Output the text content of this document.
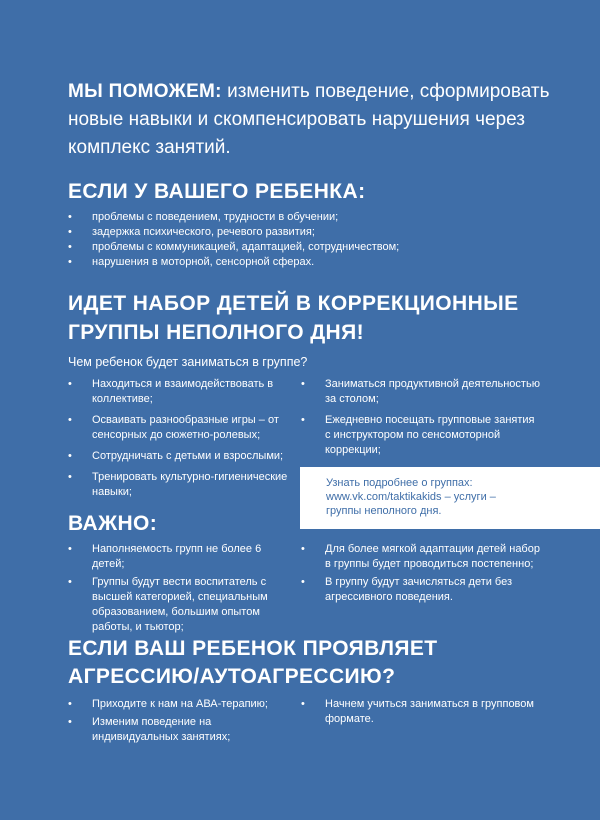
МЫ ПОМОЖЕМ: изменить поведение, сформировать новые навыки и скомпенсировать нарушения через комплекс занятий.
ЕСЛИ У ВАШЕГО РЕБЕНКА:
• проблемы с поведением, трудности в обучении;
• задержка психического, речевого развития;
• проблемы с коммуникацией, адаптацией, сотрудничеством;
• нарушения в моторной, сенсорной сферах.
ИДЕТ НАБОР ДЕТЕЙ В КОРРЕКЦИОННЫЕ
ГРУППЫ НЕПОЛНОГО ДНЯ!
Чем ребенок будет заниматься в группе?
• Находиться и взаимодействовать в коллективе;
• Осваивать разнообразные игры – от сенсорных до сюжетно-ролевых;
• Сотрудничать с детьми и взрослыми;
• Тренировать культурно-гигиенические навыки;
• Заниматься продуктивной деятельностью за столом;
• Ежедневно посещать групповые занятия с инструктором по сенсомоторной коррекции;
Узнать подробнее о группах:
www.vk.com/taktikakids – услуги –
группы неполного дня.
ВАЖНО:
• Наполняемость групп не более 6 детей;
• Группы будут вести воспитатель с высшей категорией, специальным образованием, большим опытом работы, и тьютор;
• Для более мягкой адаптации детей набор в группы будет проводиться постепенно;
• В группу будут зачисляться дети без агрессивного поведения.
ЕСЛИ ВАШ РЕБЕНОК ПРОЯВЛЯЕТ
АГРЕССИЮ/АУТОАГРЕССИЮ?
• Приходите к нам на АВА-терапию;
• Изменим поведение на индивидуальных занятиях;
• Начнем учиться заниматься в групповом формате.
